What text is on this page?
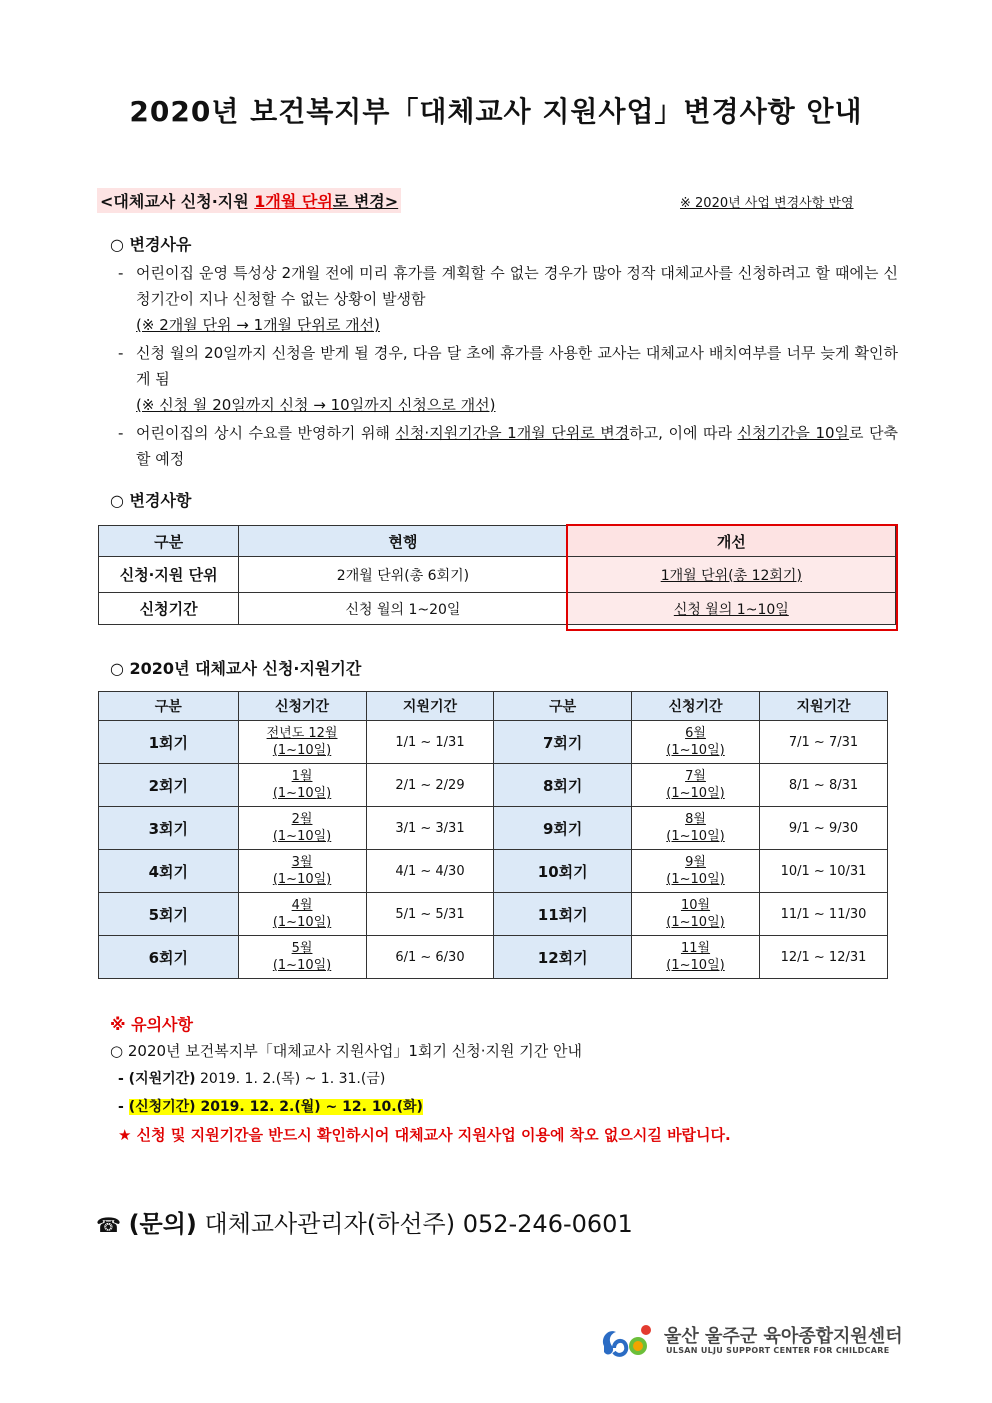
2020년 보건복지부「대체교사 지원사업」변경사항 안내
<대체교사 신청·지원 1개월 단위로 변경>	※ 2020년 사업 변경사항 반영
○ 변경사유
- 어린이집 운영 특성상 2개월 전에 미리 휴가를 계획할 수 없는 경우가 많아 정작 대체교사를 신청하려고 할 때에는 신청기간이 지나 신청할 수 없는 상황이 발생함
(※ 2개월 단위 → 1개월 단위로 개선)
- 신청 월의 20일까지 신청을 받게 될 경우, 다음 달 초에 휴가를 사용한 교사는 대체교사 배치여부를 너무 늦게 확인하게 됨
(※ 신청 월 20일까지 신청 → 10일까지 신청으로 개선)
- 어린이집의 상시 수요를 반영하기 위해 신청·지원기간을 1개월 단위로 변경하고, 이에 따라 신청기간을 10일로 단축할 예정
○ 변경사항
구분	현행	개선
신청·지원 단위	2개월 단위(총 6회기)	1개월 단위(총 12회기)
신청기간	신청 월의 1~20일	신청 월의 1~10일
○ 2020년 대체교사 신청·지원기간
구분	신청기간	지원기간	구분	신청기간	지원기간
1회기	전년도 12월
(1~10일)	1/1 ~ 1/31	7회기	6월
(1~10일)	7/1 ~ 7/31
2회기	1월
(1~10일)	2/1 ~ 2/29	8회기	7월
(1~10일)	8/1 ~ 8/31
3회기	2월
(1~10일)	3/1 ~ 3/31	9회기	8월
(1~10일)	9/1 ~ 9/30
4회기	3월
(1~10일)	4/1 ~ 4/30	10회기	9월
(1~10일)	10/1 ~ 10/31
5회기	4월
(1~10일)	5/1 ~ 5/31	11회기	10월
(1~10일)	11/1 ~ 11/30
6회기	5월
(1~10일)	6/1 ~ 6/30	12회기	11월
(1~10일)	12/1 ~ 12/31
※ 유의사항
○ 2020년 보건복지부「대체교사 지원사업」1회기 신청·지원 기간 안내
- (지원기간) 2019. 1. 2.(목) ~ 1. 31.(금)
- (신청기간) 2019. 12. 2.(월) ~ 12. 10.(화)
★ 신청 및 지원기간을 반드시 확인하시어 대체교사 지원사업 이용에 착오 없으시길 바랍니다.
☎ (문의) 대체교사관리자(하선주) 052-246-0601
울산 울주군 육아종합지원센터
ULSAN ULJU SUPPORT CENTER FOR CHILDCARE
